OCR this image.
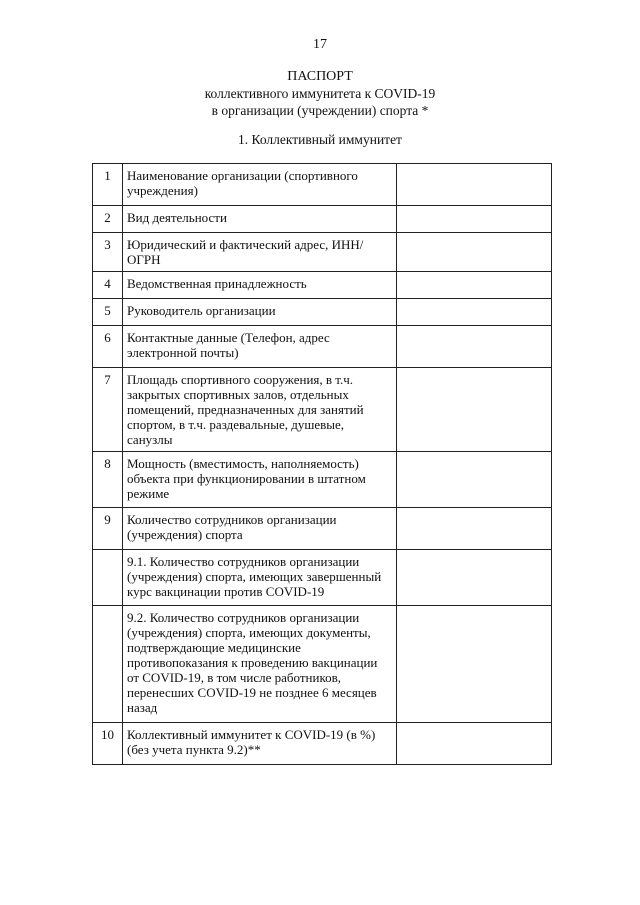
17
ПАСПОРТ
коллективного иммунитета к COVID-19
в организации (учреждении) спорта *
1. Коллективный иммунитет
1	Наименование организации (спортивного учреждения)	
2	Вид деятельности	
3	Юридический и фактический адрес, ИНН/ОГРН	
4	Ведомственная принадлежность	
5	Руководитель организации	
6	Контактные данные (Телефон, адрес электронной почты)	
7	Площадь спортивного сооружения, в т.ч. закрытых спортивных залов, отдельных помещений, предназначенных для занятий спортом, в т.ч. раздевальные, душевые, санузлы	
8	Мощность (вместимость, наполняемость) объекта при функционировании в штатном режиме	
9	Количество сотрудников организации (учреждения) спорта	
	9.1. Количество сотрудников организации (учреждения) спорта, имеющих завершенный курс вакцинации против COVID-19	
	9.2. Количество сотрудников организации (учреждения) спорта, имеющих документы, подтверждающие медицинские противопоказания к проведению вакцинации от COVID-19, в том числе работников, перенесших COVID-19 не позднее 6 месяцев назад	
10	Коллективный иммунитет к COVID-19 (в %) (без учета пункта 9.2)**	
